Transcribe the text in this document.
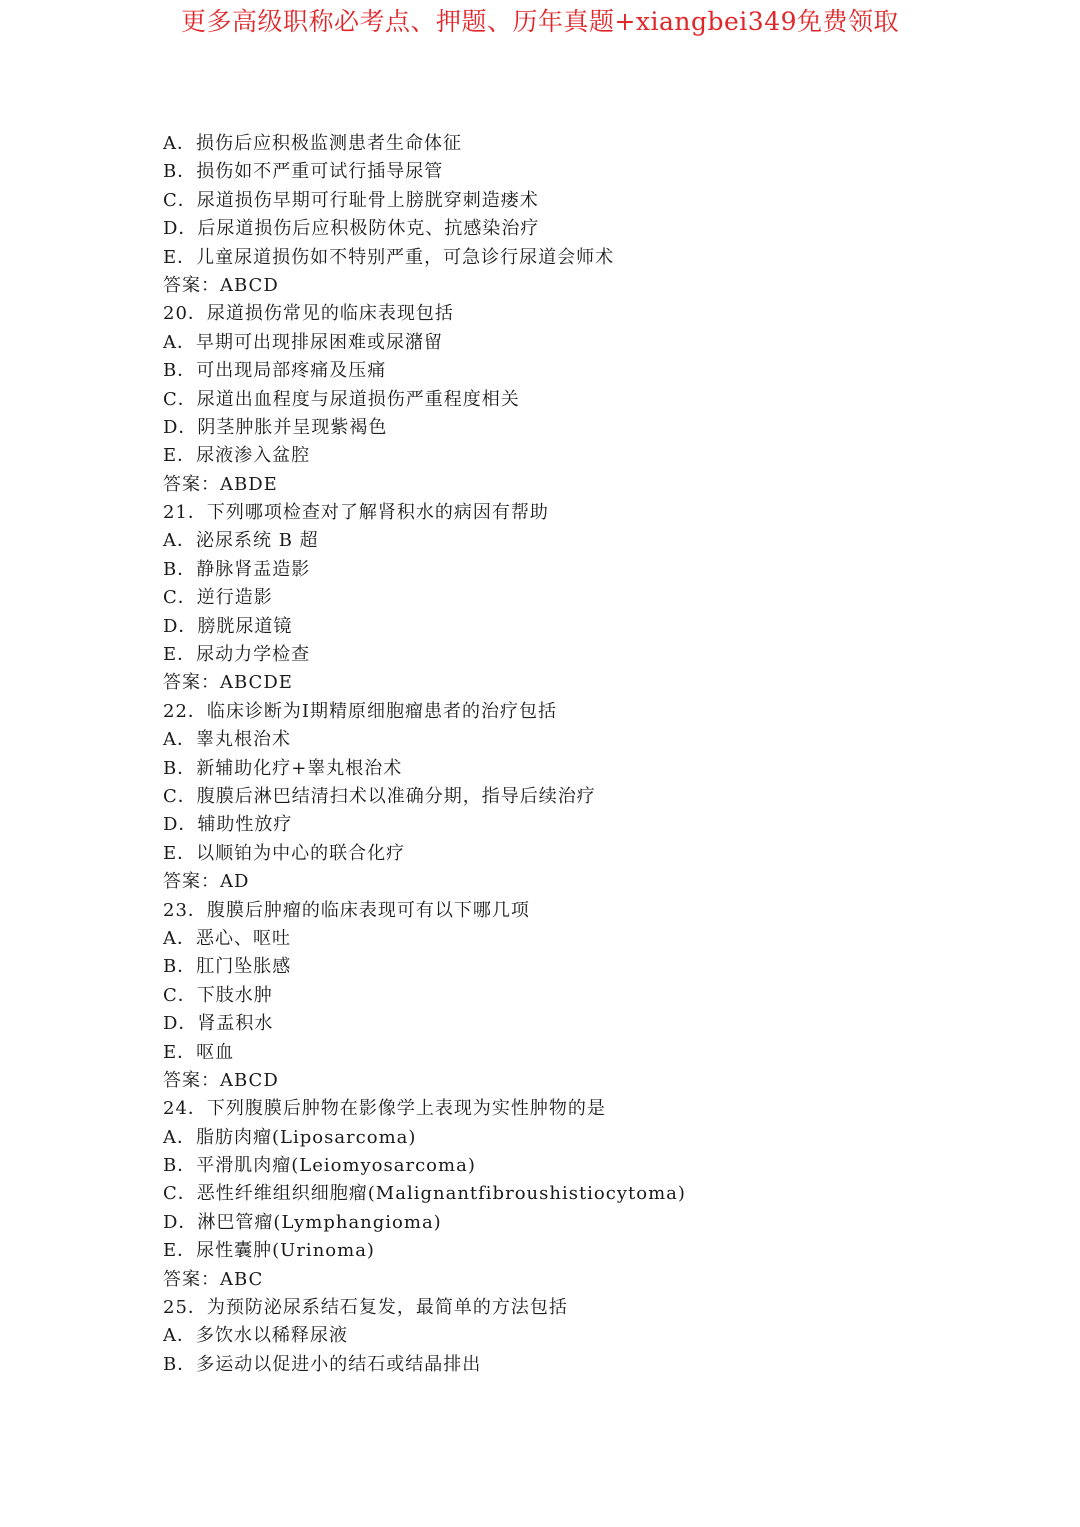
更多高级职称必考点、押题、历年真题+xiangbei349免费领取
A．损伤后应积极监测患者生命体征
B．损伤如不严重可试行插导尿管
C．尿道损伤早期可行耻骨上膀胱穿刺造瘘术
D．后尿道损伤后应积极防休克、抗感染治疗
E．儿童尿道损伤如不特别严重，可急诊行尿道会师术
答案：ABCD
20．尿道损伤常见的临床表现包括
A．早期可出现排尿困难或尿潴留
B．可出现局部疼痛及压痛
C．尿道出血程度与尿道损伤严重程度相关
D．阴茎肿胀并呈现紫褐色
E．尿液渗入盆腔
答案：ABDE
21．下列哪项检查对了解肾积水的病因有帮助
A．泌尿系统 B 超
B．静脉肾盂造影
C．逆行造影
D．膀胱尿道镜
E．尿动力学检查
答案：ABCDE
22．临床诊断为I期精原细胞瘤患者的治疗包括
A．睾丸根治术
B．新辅助化疗+睾丸根治术
C．腹膜后淋巴结清扫术以准确分期，指导后续治疗
D．辅助性放疗
E．以顺铂为中心的联合化疗
答案：AD
23．腹膜后肿瘤的临床表现可有以下哪几项
A．恶心、呕吐
B．肛门坠胀感
C．下肢水肿
D．肾盂积水
E．呕血
答案：ABCD
24．下列腹膜后肿物在影像学上表现为实性肿物的是
A．脂肪肉瘤(Liposarcoma)
B．平滑肌肉瘤(Leiomyosarcoma)
C．恶性纤维组织细胞瘤(Malignantfibroushistiocytoma)
D．淋巴管瘤(Lymphangioma)
E．尿性囊肿(Urinoma)
答案：ABC
25．为预防泌尿系结石复发，最简单的方法包括
A．多饮水以稀释尿液
B．多运动以促进小的结石或结晶排出
